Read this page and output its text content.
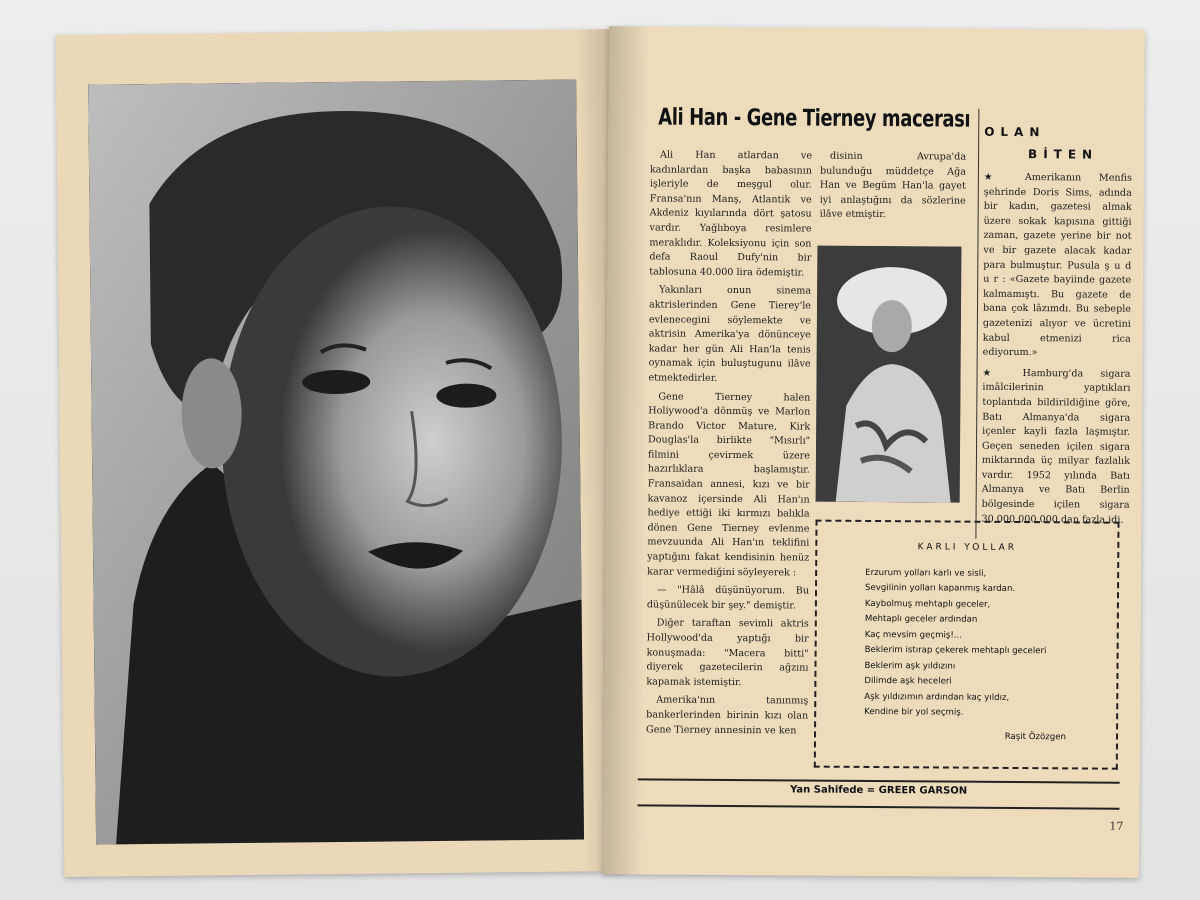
Ali Han - Gene Tierney macerası

Ali Han atlardan ve kadınlardan başka babasının işleriyle de meşgul olur. Fransa'nın Manş, Atlantik ve Akdeniz kıyılarında dört şatosu vardır. Yağlıboya resimlere meraklıdır. Koleksiyonu için son defa Raoul Dufy'nin bir tablosuna 40.000 lira ödemiştir.

Yakınları onun sinema aktrislerinden Gene Tierey'le evlenecegini söylemekte ve aktrisin Amerika'ya dönünceye kadar her gün Ali Han'la tenis oynamak için buluştugunu ilâve etmektedirler.

Gene Tierney halen Holiywood'a dönmüş ve Marlon Brando Victor Mature, Kirk Douglas'la birlikte "Mısırlı" filmini çevirmek üzere hazırlıklara başlamıştır. Fransaidan annesi, kızı ve bir kavanoz içersinde Ali Han'ın hediye ettiği iki kırmızı balıkla dönen Gene Tierney evlenme mevzuunda Ali Han'ın teklifini yaptığını fakat kendisinin henüz karar vermediğini söyleyerek :

— "Hâlâ düşünüyorum. Bu düşünülecek bir şey." demiştir.

Diğer taraftan sevimli aktris Hollywood'da yaptığı bir konuşmada: "Macera bitti" diyerek gazetecilerin ağzını kapamak istemiştir.

Amerika'nın tanınmış bankerlerinden birinin kızı olan Gene Tierney annesinin ve ken

disinin Avrupa'da bulunduğu müddetçe Ağa Han ve Begüm Han'la gayet iyi anlaştığını da sözlerine ilâve etmiştir.

OLAN
BİTEN

★ Amerikanın Menfis şehrinde Doris Sims, adında bir kadın, gazetesi almak üzere sokak kapısına gittiği zaman, gazete yerine bir not ve bir gazete alacak kadar para bulmuştur. Pusula ş u d u r : «Gazete bayiinde gazete kalmamıştı. Bu gazete de bana çok lâzımdı. Bu sebeple gazetenizi alıyor ve ücretini kabul etmenizi rica ediyorum.»

★ Hamburg'da sigara imâlcilerinin yaptıkları toplantıda bildirildiğine göre, Batı Almanya'da sigara içenler kayli fazla laşmıştır. Geçen seneden içilen sigara miktarında üç milyar fazlalık vardır. 1952 yılında Batı Almanya ve Batı Berlin bölgesinde içilen sigara 30.000 000.000 dan fazla idi.

KARLI YOLLAR
Erzurum yolları karlı ve sisli,
Sevgilinin yolları kapanmış kardan.
Kaybolmuş mehtaplı geceler,
Mehtaplı geceler ardından
Kaç mevsim geçmiş!...
Beklerim istırap çekerek mehtaplı geceleri
Beklerim aşk yıldızını
Dilimde aşk heceleri
Aşk yıldızımın ardından kaç yıldız,
Kendine bir yol seçmiş.
Raşit Özözgen
Yan Sahifede = GREER GARSON
17
